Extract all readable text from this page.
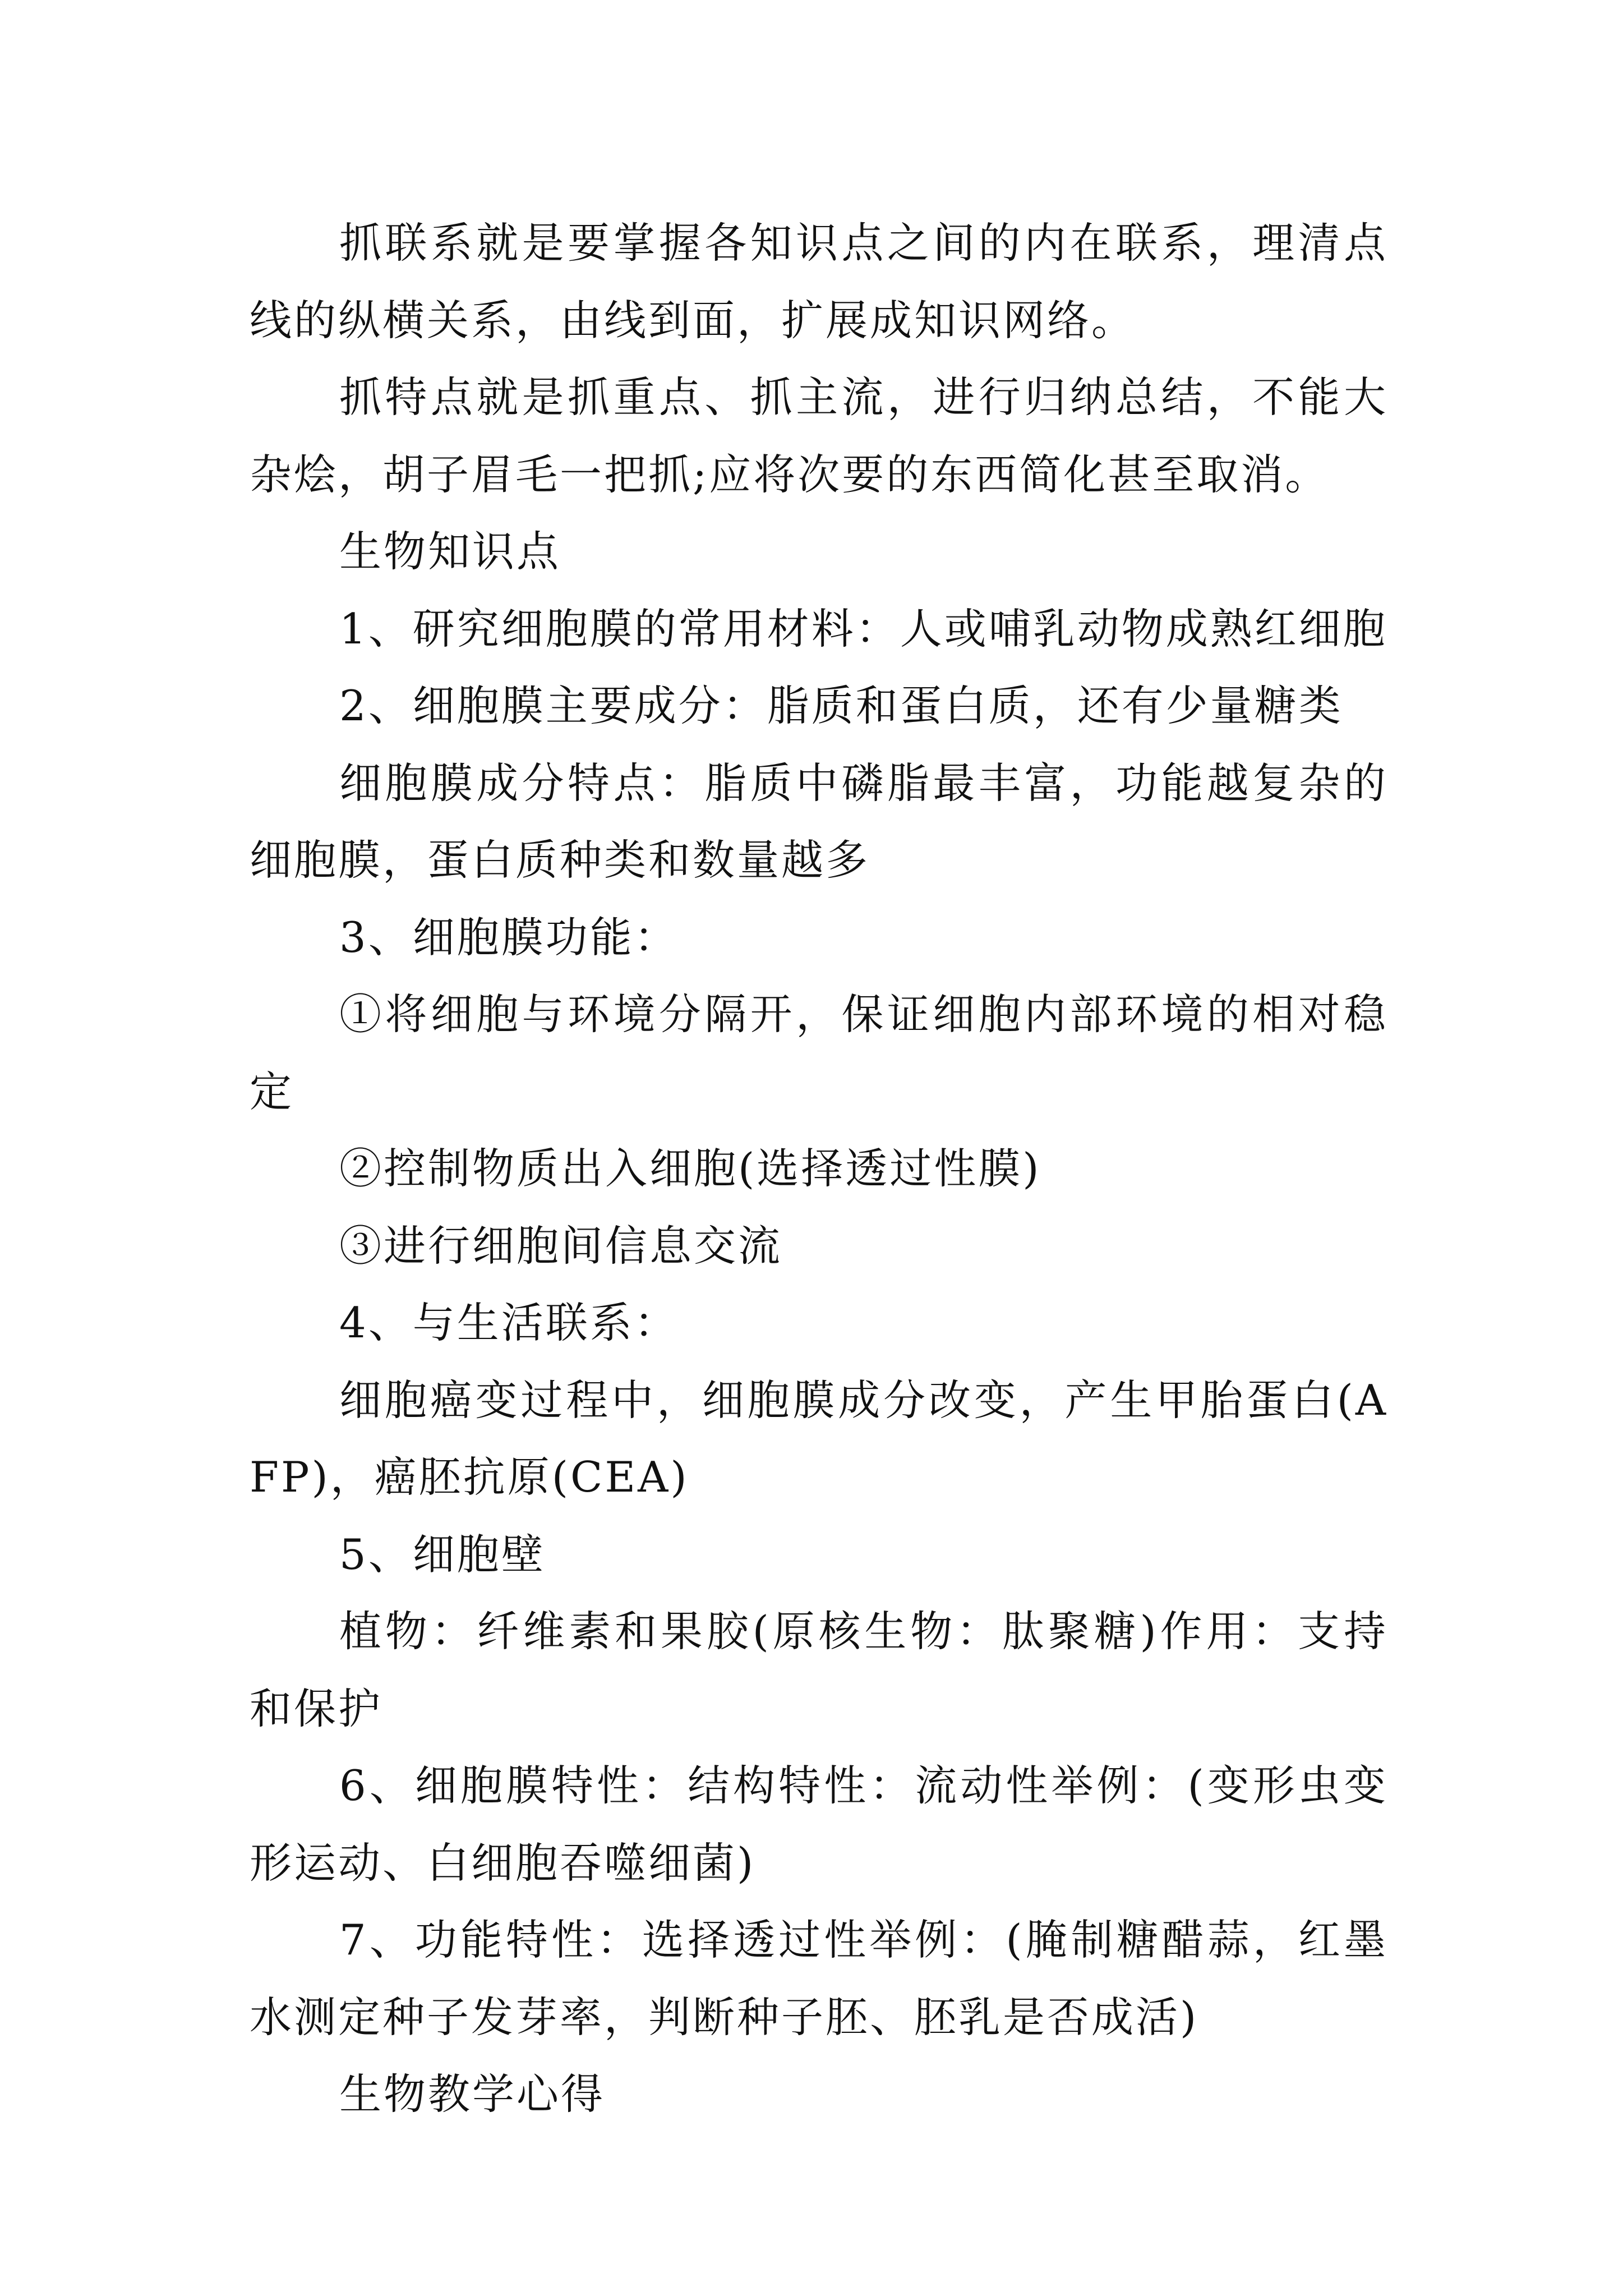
抓联系就是要掌握各知识点之间的内在联系，理清点线的纵横关系，由线到面，扩展成知识网络。

抓特点就是抓重点、抓主流，进行归纳总结，不能大杂烩，胡子眉毛一把抓;应将次要的东西简化甚至取消。

生物知识点

1、研究细胞膜的常用材料：人或哺乳动物成熟红细胞

2、细胞膜主要成分：脂质和蛋白质，还有少量糖类

细胞膜成分特点：脂质中磷脂最丰富，功能越复杂的细胞膜，蛋白质种类和数量越多

3、细胞膜功能：

①将细胞与环境分隔开，保证细胞内部环境的相对稳定

②控制物质出入细胞(选择透过性膜)

③进行细胞间信息交流

4、与生活联系：

细胞癌变过程中，细胞膜成分改变，产生甲胎蛋白(AFP)，癌胚抗原(CEA)

5、细胞壁

植物：纤维素和果胶(原核生物：肽聚糖)作用：支持和保护

6、细胞膜特性：结构特性：流动性举例：(变形虫变形运动、白细胞吞噬细菌)

7、功能特性：选择透过性举例：(腌制糖醋蒜，红墨水测定种子发芽率，判断种子胚、胚乳是否成活)

生物教学心得
